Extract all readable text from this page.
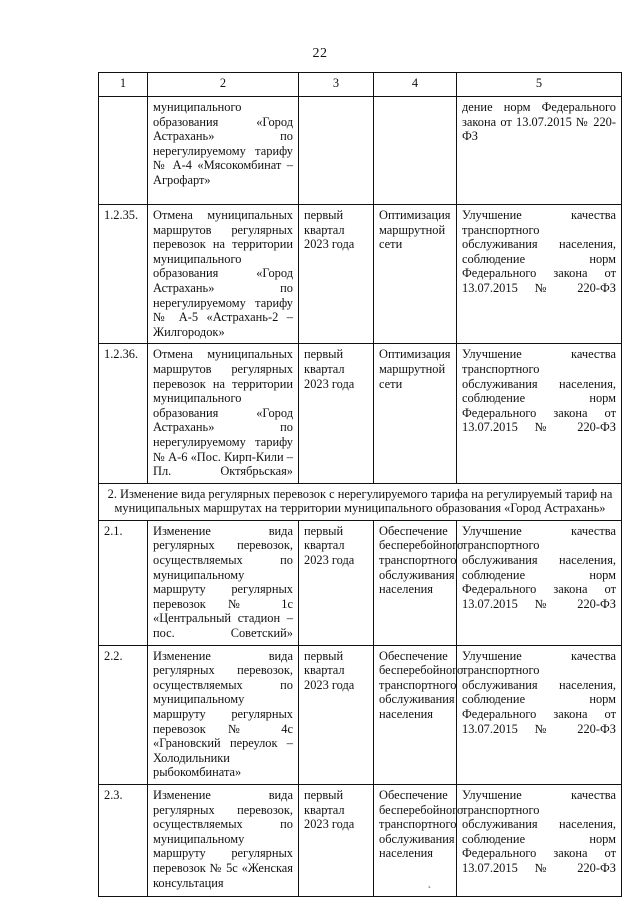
22
1	2	3	4	5
	муниципального образования «Город Астрахань» по нерегулируемому тарифу № А-4 «Мясокомбинат – Агрофарт»			дение норм Федерального закона от 13.07.2015 № 220-ФЗ
1.2.35.	Отмена муниципальных маршрутов регулярных перевозок на территории муниципального образования «Город Астрахань» по нерегулируемому тарифу № А-5 «Астрахань-2 – Жилгородок»	первый квартал 2023 года	Оптимизация маршрутной сети	Улучшение качества транспортного обслуживания населения, соблюдение норм Федерального закона от 13.07.2015 № 220-ФЗ
1.2.36.	Отмена муниципальных маршрутов регулярных перевозок на территории муниципального образования «Город Астрахань» по нерегулируемому тарифу № А-6 «Пос. Кирп-Кили – Пл. Октябрьская»	первый квартал 2023 года	Оптимизация маршрутной сети	Улучшение качества транспортного обслуживания населения, соблюдение норм Федерального закона от 13.07.2015 № 220-ФЗ
2. Изменение вида регулярных перевозок с нерегулируемого тарифа на регулируемый тариф на муниципальных маршрутах на территории муниципального образования «Город Астрахань»				
2.1.	Изменение вида регулярных перевозок, осуществляемых по муниципальному маршруту регулярных перевозок № 1с «Центральный стадион – пос. Советский»	первый квартал 2023 года	Обеспечение бесперебойного транспортного обслуживания населения	Улучшение качества транспортного обслуживания населения, соблюдение норм Федерального закона от 13.07.2015 № 220-ФЗ
2.2.	Изменение вида регулярных перевозок, осуществляемых по муниципальному маршруту регулярных перевозок № 4с «Грановский переулок – Холодильники рыбокомбината»	первый квартал 2023 года	Обеспечение бесперебойного транспортного обслуживания населения	Улучшение качества транспортного обслуживания населения, соблюдение норм Федерального закона от 13.07.2015 № 220-ФЗ
2.3.	Изменение вида регулярных перевозок, осуществляемых по муниципальному маршруту регулярных перевозок № 5с «Женская консультация	первый квартал 2023 года	Обеспечение бесперебойного транспортного обслуживания населения	Улучшение качества транспортного обслуживания населения, соблюдение норм Федерального закона от 13.07.2015 № 220-ФЗ
˛
